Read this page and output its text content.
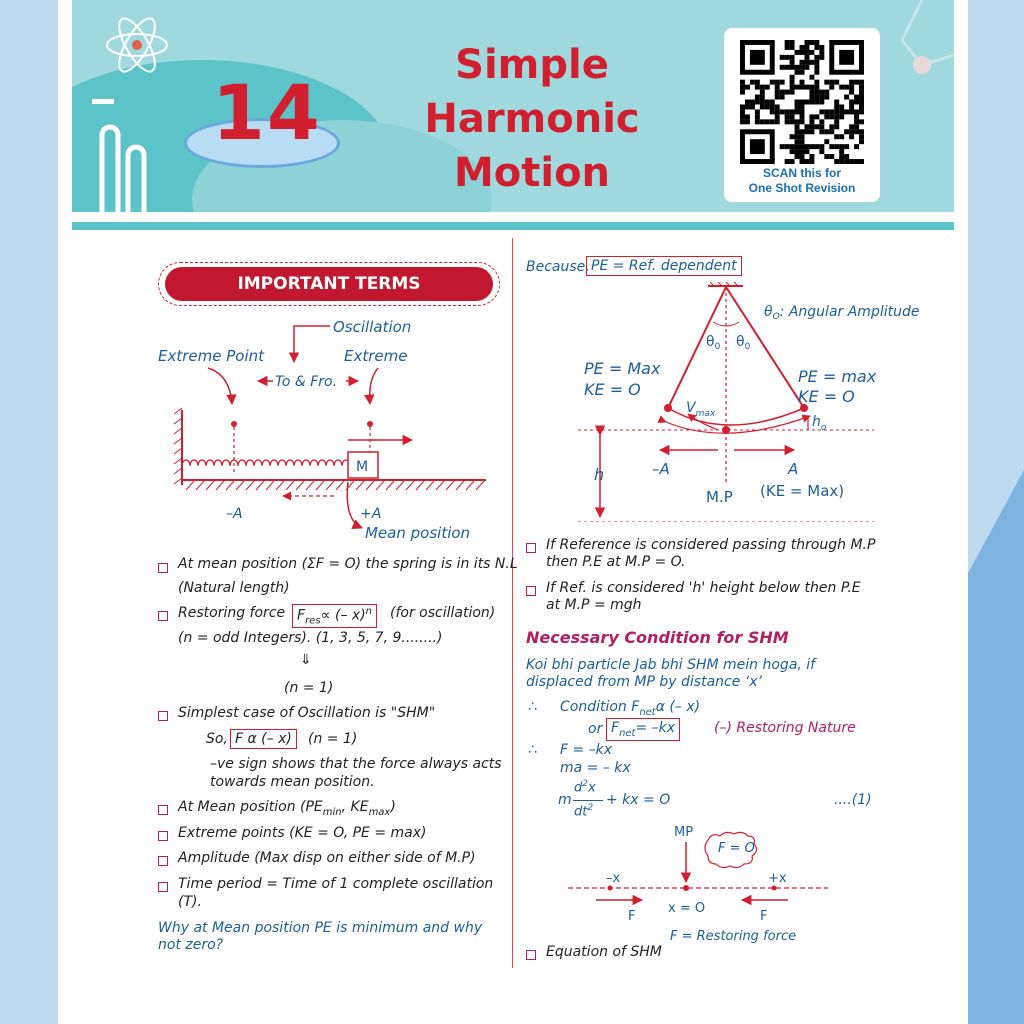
14
Simple
Harmonic
Motion	SCAN this for
One Shot Revision
IMPORTANT TERMS
Oscillation
Extreme Point	Extreme
To & Fro.
M
–A	+A
Mean position
At mean position (ΣF = O) the spring is in its N.L
(Natural length)
Restoring force $F_{res}\propto$ (– x)$^n$	(for oscillation)
(n = odd Integers). (1, 3, 5, 7, 9........)
⇓
(n = 1)
Simplest case of Oscillation is "SHM"
So, F α (– x)	(n = 1)
–ve sign shows that the force always acts
towards mean position.
At Mean position ($PE_{min}$, $KE_{max}$)
Extreme points (KE = O, PE = max)
Amplitude (Max disp on either side of M.P)
Time period = Time of 1 complete oscillation
(T).
Why at Mean position PE is minimum and why
not zero?
Because, PE = Ref. dependent
$\theta_O$: Angular Amplitude
$\theta_0$ $\theta_0$
PE = Max
KE = O
PE = max
KE = O
$V_{max}$	$h_o$
h	–A	A
M.P (KE = Max)
If Reference is considered passing through M.P
then P.E at M.P = O.
If Ref. is considered 'h' height below then P.E
at M.P = mgh
Necessary Condition for SHM
Koi bhi particle Jab bhi SHM mein hoga, if
displaced from MP by distance ‘x’
∴ Condition $F_{net}\alpha$ (– x)
or $F_{net}= -kx$	(–) Restoring Nature
∴ F = –kx
ma = – kx
m
$d^2x$
$dt^2$ + kx = O	....(1)
MP
F = O
–x	+x
F
x = O
F
F = Restoring force
Equation of SHM
